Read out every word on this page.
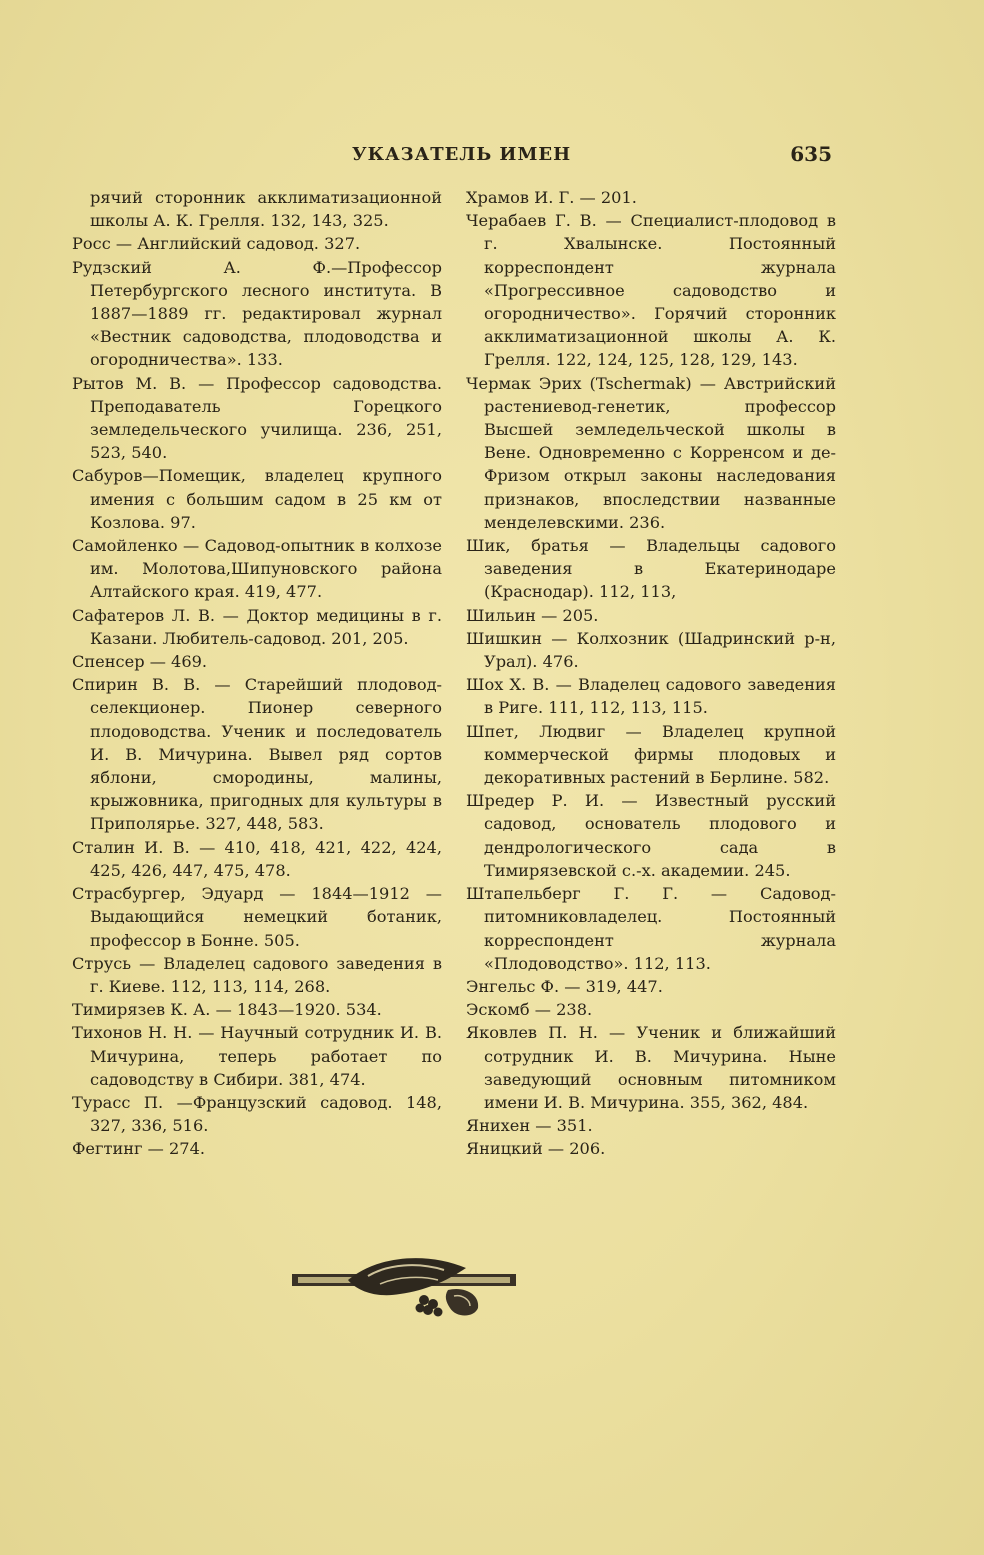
УКАЗАТЕЛЬ ИМЕН	635

рячий сторонник акклиматизационной школы А. К. Грелля. 132, 143, 325.

Росс — Английский садовод. 327.

Рудзский А. Ф.—Профессор Петербургского лесного института. В 1887—1889 гг. редактировал журнал «Вестник садоводства, плодоводства и огородничества». 133.

Рытов М. В. — Профессор садоводства. Преподаватель Горецкого земледельческого училища. 236, 251, 523, 540.

Сабуров—Помещик, владелец крупного имения с большим садом в 25 км от Козлова. 97.

Самойленко — Садовод-опытник в колхозе им. Молотова,Шипуновского района Алтайского края. 419, 477.

Сафатеров Л. В. — Доктор медицины в г. Казани. Любитель-садовод. 201, 205.

Спенсер — 469.

Спирин В. В. — Старейший плодовод-селекционер. Пионер северного плодоводства. Ученик и последователь И. В. Мичурина. Вывел ряд сортов яблони, смородины, малины, крыжовника, пригодных для культуры в Приполярье. 327, 448, 583.

Сталин И. В. — 410, 418, 421, 422, 424, 425, 426, 447, 475, 478.

Страсбургер, Эдуард — 1844—1912 — Выдающийся немецкий ботаник, профессор в Бонне. 505.

Струсь — Владелец садового заведения в г. Киеве. 112, 113, 114, 268.

Тимирязев К. А. — 1843—1920. 534.

Тихонов Н. Н. — Научный сотрудник И. В. Мичурина, теперь работает по садоводству в Сибири. 381, 474.

Турасс П. —Французский садовод. 148, 327, 336, 516.

Фегтинг — 274.

Храмов И. Г. — 201.

Черабаев Г. В. — Специалист-плодовод в г. Хвалынске. Постоянный корреспондент журнала «Прогрессивное садоводство и огородничество». Горячий сторонник акклиматизационной школы А. К. Грелля. 122, 124, 125, 128, 129, 143.

Чермак Эрих (Tschermak) — Австрийский растениевод-генетик, профессор Высшей земледельческой школы в Вене. Одновременно с Корренсом и де-Фризом открыл законы наследования признаков, впоследствии названные менделевскими. 236.

Шик, братья — Владельцы садового заведения в Екатеринодаре (Краснодар). 112, 113,

Шильин — 205.

Шишкин — Колхозник (Шадринский р-н, Урал). 476.

Шох Х. В. — Владелец садового заведения в Риге. 111, 112, 113, 115.

Шпет, Людвиг — Владелец крупной коммерческой фирмы плодовых и декоративных растений в Берлине. 582.

Шредер Р. И. — Известный русский садовод, основатель плодового и дендрологического сада в Тимирязевской с.-х. академии. 245.

Штапельберг Г. Г. — Садовод-питомниковладелец. Постоянный корреспондент журнала «Плодоводство». 112, 113.

Энгельс Ф. — 319, 447.

Эскомб — 238.

Яковлев П. Н. — Ученик и ближайший сотрудник И. В. Мичурина. Ныне заведующий основным питомником имени И. В. Мичурина. 355, 362, 484.

Янихен — 351.

Яницкий — 206.
